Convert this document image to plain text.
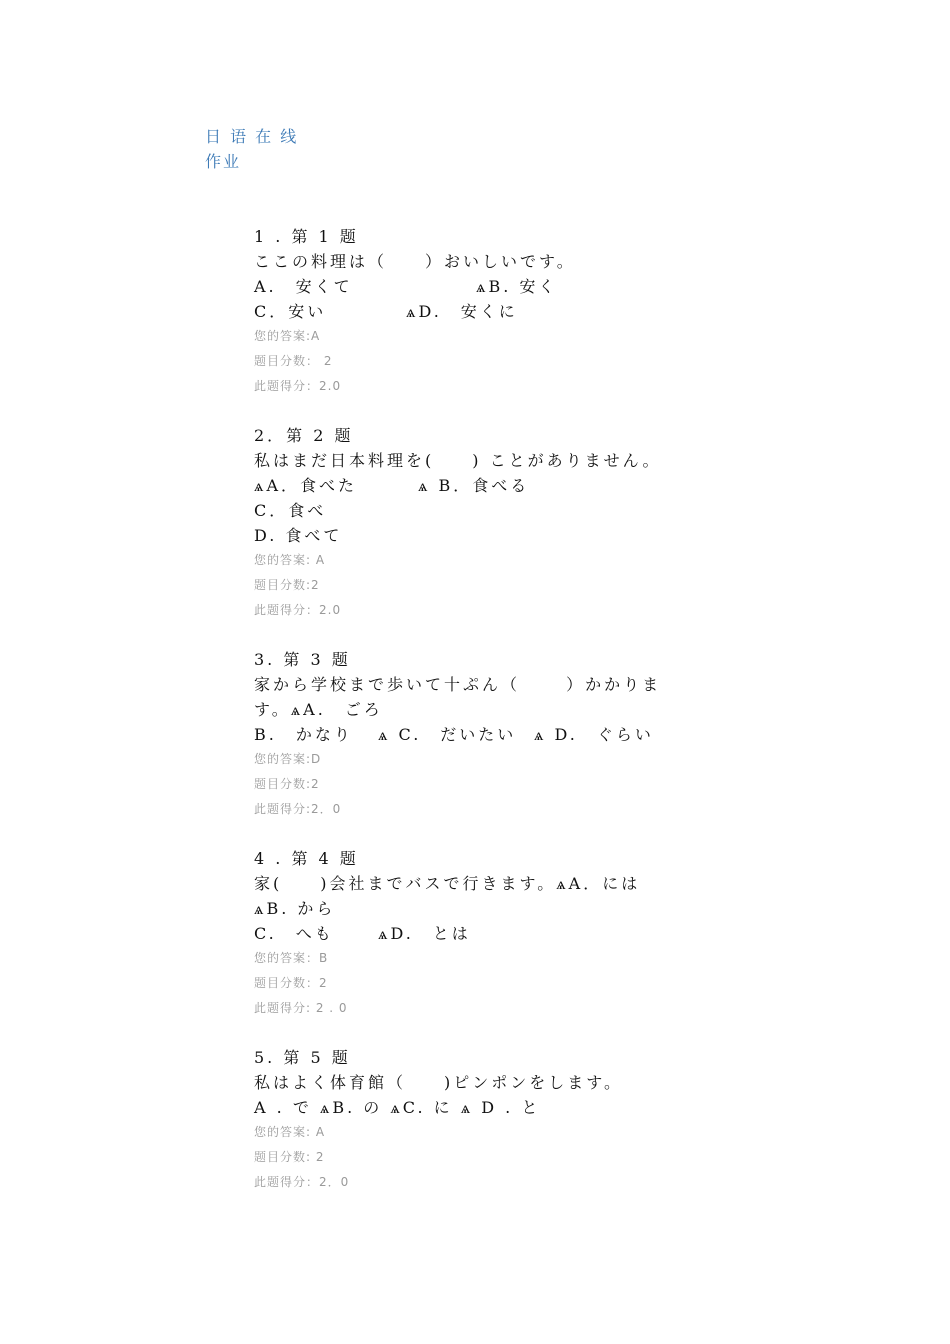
日 语 在 线
作业
1 . 第 1 题
ここの料理は（　　）おいしいです。
A.　安くて	ѧB. 安く
C．安い	ѧD.　安くに
您的答案:A
题目分数： 2
此题得分：2.0
2．第 2 题
私はまだ日本料理を(　　) ことがありません。
ѧA．食べた	ѧ B．食べる
C．食べ
D. 食べて
您的答案: A
题目分数:2
此题得分：2.0
3. 第 3 题
家から学校まで歩いて十ぷん（　　 ）かかりま
す。ѧA.　ごろ
B.　かなり	ѧ C.　だいたい	ѧ D.　ぐらい
您的答案:D
题目分数:2
此题得分:2．0
4 . 第 4 题
家(　　)会社までバスで行きます。ѧA．には
ѧB. から
C.　へも	ѧD.　とは
您的答案：B
题目分数：2
此题得分: 2 . 0
5. 第 5 题
私はよく体育館（　　)ピンポンをします。
A . で ѧB. の ѧC. に ѧ D . と
您的答案: A
题目分数: 2
此题得分：2．0
